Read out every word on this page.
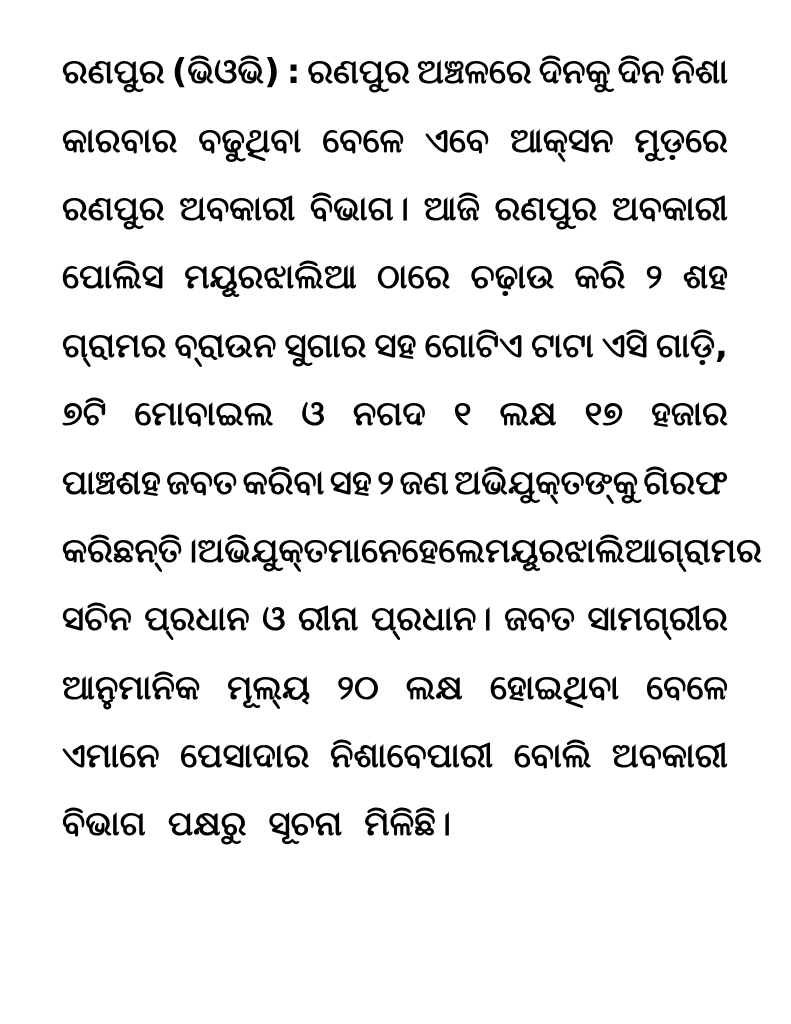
ରଣପୁର (ଭିଓଭି) : ରଣପୁର ଅଞ୍ଚଳରେ ଦିନକୁ ଦିନ ନିଶା
କାରବାର ବଢୁଥିବା ବେଳେ ଏବେ ଆକ୍ସନ ମୁଡ଼ରେ
ରଣପୁର ଅବକାରୀ ବିଭାଗ। ଆଜି ରଣପୁର ଅବକାରୀ
ପୋଲିସ ମୟୂରଝାଲିଆ ଠାରେ ଚଢ଼ାଉ କରି ୨ ଶହ
ଗ୍ରାମର ବ୍ରାଉନ ସୁଗାର ସହ ଗୋଟିଏ ଟାଟା ଏସି ଗାଡ଼ି,
୭ଟି ମୋବାଇଲ ଓ ନଗଦ ୧ ଲକ୍ଷ ୧୭ ହଜାର
ପାଞ୍ଚଶହ ଜବତ କରିବା ସହ ୨ ଜଣ ଅଭିଯୁକ୍ତଙ୍କୁ ଗିରଫ
କରିଛନ୍ତି। ଅଭିଯୁକ୍ତମାନେ ହେଲେ ମୟୂରଝାଲିଆ ଗ୍ରାମର
ସଚିନ ପ୍ରଧାନ ଓ ରୀନା ପ୍ରଧାନ। ଜବତ ସାମଗ୍ରୀର
ଆନୁମାନିକ ମୂଲ୍ୟ ୨୦ ଲକ୍ଷ ହୋଇଥିବା ବେଳେ
ଏମାନେ ପେସାଦାର ନିଶାବେପାରୀ ବୋଲି ଅବକାରୀ
ବିଭାଗ ପକ୍ଷରୁ ସୂଚନା ମିଳିଛି।
